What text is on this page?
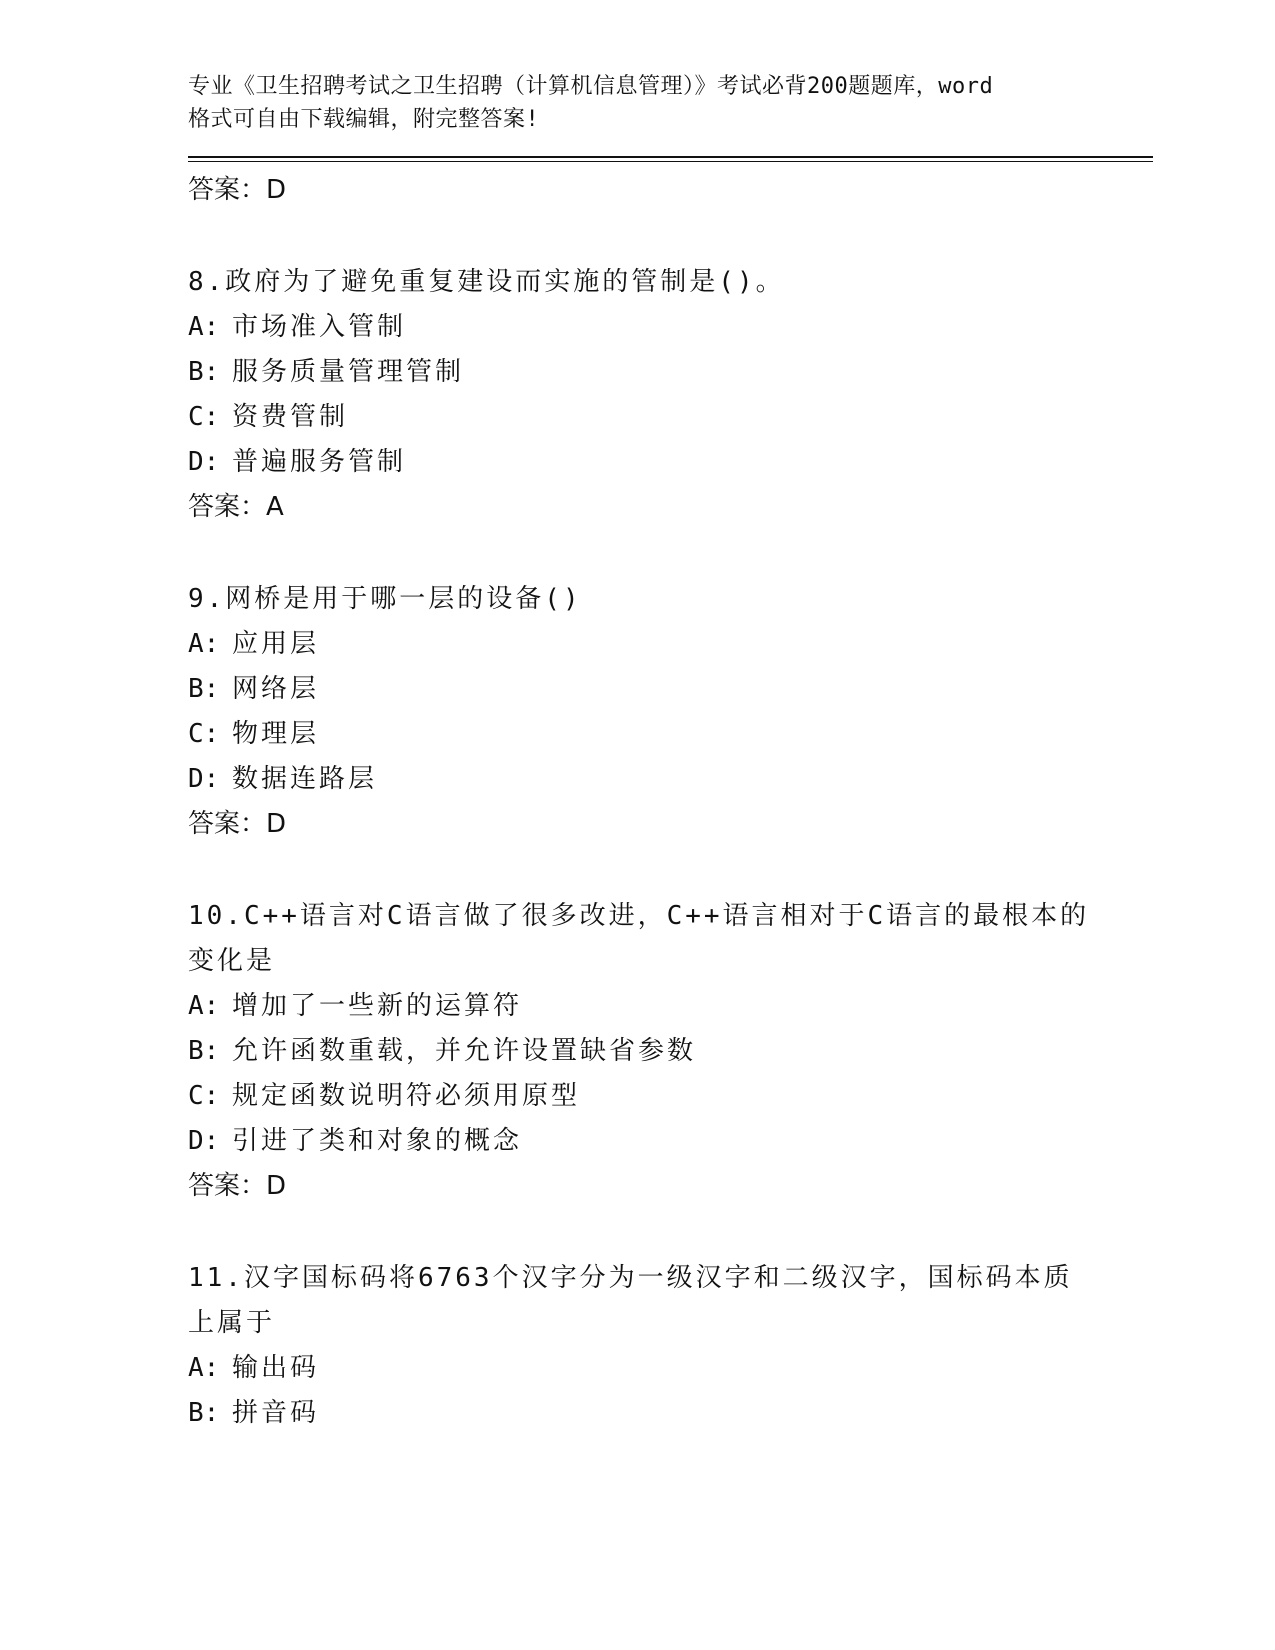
专业《卫生招聘考试之卫生招聘（计算机信息管理）》考试必背200题题库，word

格式可自由下载编辑，附完整答案!

答案：D

8.政府为了避免重复建设而实施的管制是()。

A: 市场准入管制

B: 服务质量管理管制

C: 资费管制

D: 普遍服务管制

答案：A

9.网桥是用于哪一层的设备()

A: 应用层

B: 网络层

C: 物理层

D: 数据连路层

答案：D

10.C++语言对C语言做了很多改进，C++语言相对于C语言的最根本的

变化是

A: 增加了一些新的运算符

B: 允许函数重载，并允许设置缺省参数

C: 规定函数说明符必须用原型

D: 引进了类和对象的概念

答案：D

11.汉字国标码将6763个汉字分为一级汉字和二级汉字，国标码本质

上属于

A: 输出码

B: 拼音码
